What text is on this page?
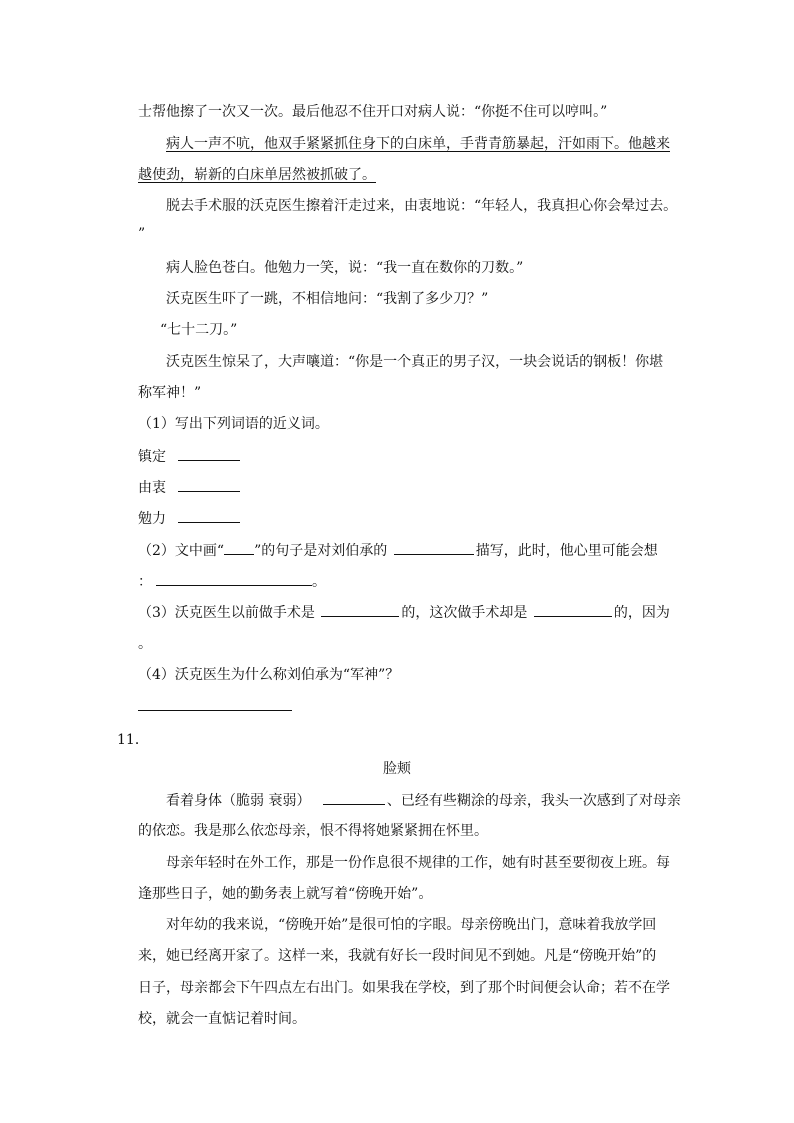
士帮他擦了一次又一次。最后他忍不住开口对病人说：“你挺不住可以哼叫。”
病人一声不吭，他双手紧紧抓住身下的白床单，手背青筋暴起，汗如雨下。他越来
越使劲，崭新的白床单居然被抓破了。
脱去手术服的沃克医生擦着汗走过来，由衷地说：“年轻人，我真担心你会晕过去。
”
病人脸色苍白。他勉力一笑，说：“我一直在数你的刀数。”
沃克医生吓了一跳，不相信地问：“我割了多少刀？”
“七十二刀。”
沃克医生惊呆了，大声嚷道：“你是一个真正的男子汉，一块会说话的钢板！你堪
称军神！”
（1）写出下列词语的近义词。
镇定
由衷
勉力
（2）文中画“ ”的句子是对刘伯承的	描写，此时，他心里可能会想
：	。
（3）沃克医生以前做手术是	的，这次做手术却是	的，因为
。
（4）沃克医生为什么称刘伯承为“军神”？
11．
脸颊
看着身体（脆弱 衰弱）	、已经有些糊涂的母亲，我头一次感到了对母亲
的依恋。我是那么依恋母亲，恨不得将她紧紧拥在怀里。
母亲年轻时在外工作，那是一份作息很不规律的工作，她有时甚至要彻夜上班。每
逢那些日子，她的勤务表上就写着“傍晚开始”。
对年幼的我来说，“傍晚开始”是很可怕的字眼。母亲傍晚出门，意味着我放学回
来，她已经离开家了。这样一来，我就有好长一段时间见不到她。凡是“傍晚开始”的
日子，母亲都会下午四点左右出门。如果我在学校，到了那个时间便会认命；若不在学
校，就会一直惦记着时间。
